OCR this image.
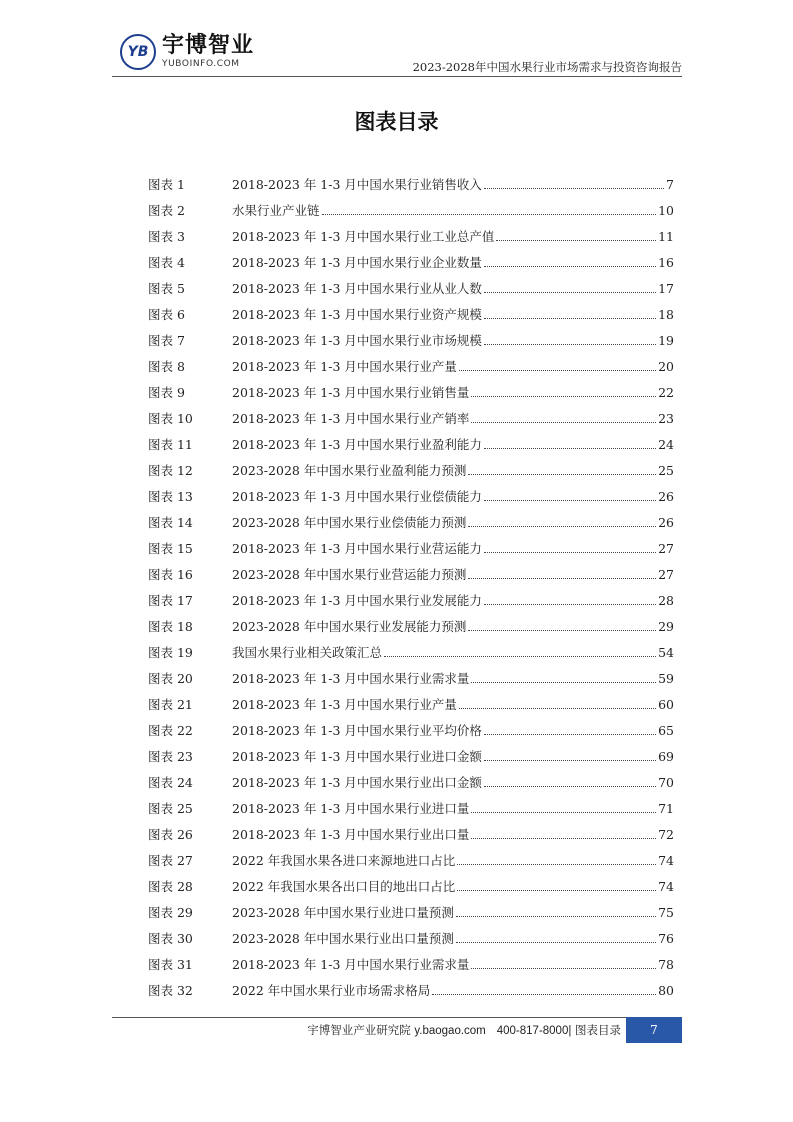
YB 宇博智业
YUBOINFO.COM	2023-2028年中国水果行业市场需求与投资咨询报告
图表目录
图表 1	2018-2023 年 1-3 月中国水果行业销售收入	7
图表 2	水果行业产业链	10
图表 3	2018-2023 年 1-3 月中国水果行业工业总产值	11
图表 4	2018-2023 年 1-3 月中国水果行业企业数量	16
图表 5	2018-2023 年 1-3 月中国水果行业从业人数	17
图表 6	2018-2023 年 1-3 月中国水果行业资产规模	18
图表 7	2018-2023 年 1-3 月中国水果行业市场规模	19
图表 8	2018-2023 年 1-3 月中国水果行业产量	20
图表 9	2018-2023 年 1-3 月中国水果行业销售量	22
图表 10	2018-2023 年 1-3 月中国水果行业产销率	23
图表 11	2018-2023 年 1-3 月中国水果行业盈利能力	24
图表 12	2023-2028 年中国水果行业盈利能力预测	25
图表 13	2018-2023 年 1-3 月中国水果行业偿债能力	26
图表 14	2023-2028 年中国水果行业偿债能力预测	26
图表 15	2018-2023 年 1-3 月中国水果行业营运能力	27
图表 16	2023-2028 年中国水果行业营运能力预测	27
图表 17	2018-2023 年 1-3 月中国水果行业发展能力	28
图表 18	2023-2028 年中国水果行业发展能力预测	29
图表 19	我国水果行业相关政策汇总	54
图表 20	2018-2023 年 1-3 月中国水果行业需求量	59
图表 21	2018-2023 年 1-3 月中国水果行业产量	60
图表 22	2018-2023 年 1-3 月中国水果行业平均价格	65
图表 23	2018-2023 年 1-3 月中国水果行业进口金额	69
图表 24	2018-2023 年 1-3 月中国水果行业出口金额	70
图表 25	2018-2023 年 1-3 月中国水果行业进口量	71
图表 26	2018-2023 年 1-3 月中国水果行业出口量	72
图表 27	2022 年我国水果各进口来源地进口占比	74
图表 28	2022 年我国水果各出口目的地出口占比	74
图表 29	2023-2028 年中国水果行业进口量预测	75
图表 30	2023-2028 年中国水果行业出口量预测	76
图表 31	2018-2023 年 1-3 月中国水果行业需求量	78
图表 32	2022 年中国水果行业市场需求格局	80
宇博智业产业研究院 y.baogao.com 400-817-8000| 图表目录	7
